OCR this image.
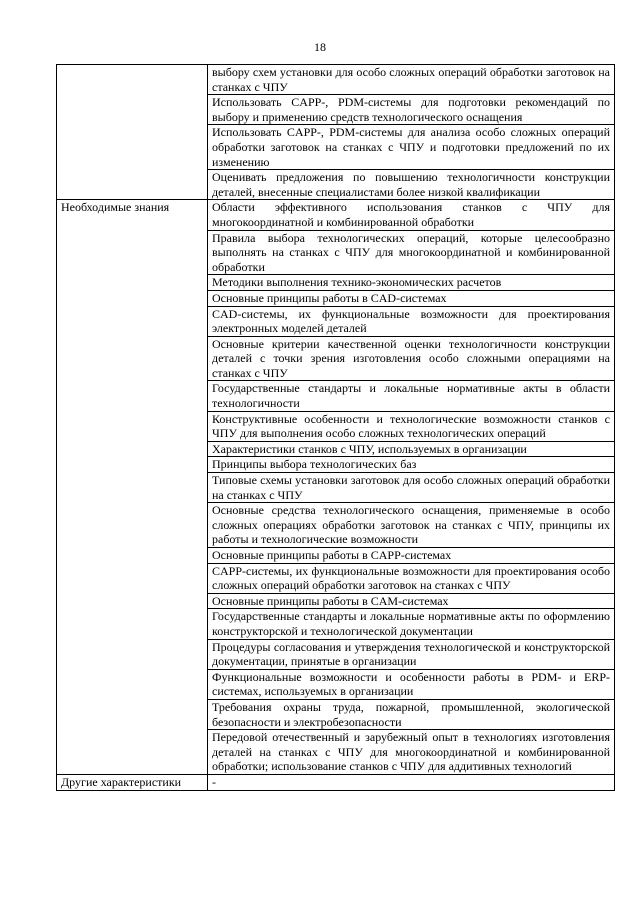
18
	выбору схем установки для особо сложных операций обработки заготовок на станках с ЧПУ
	Использовать CAPP-, PDM-системы для подготовки рекомендаций по выбору и применению средств технологического оснащения
	Использовать CAPP-, PDM-системы для анализа особо сложных операций обработки заготовок на станках с ЧПУ и подготовки предложений по их изменению
	Оценивать предложения по повышению технологичности конструкции деталей, внесенные специалистами более низкой квалификации
Необходимые знания	Области эффективного использования станков с ЧПУ для многокоординатной и комбинированной обработки
	Правила выбора технологических операций, которые целесообразно выполнять на станках с ЧПУ для многокоординатной и комбинированной обработки
	Методики выполнения технико-экономических расчетов
	Основные принципы работы в CAD-системах
	CAD-системы, их функциональные возможности для проектирования электронных моделей деталей
	Основные критерии качественной оценки технологичности конструкции деталей с точки зрения изготовления особо сложными операциями на станках с ЧПУ
	Государственные стандарты и локальные нормативные акты в области технологичности
	Конструктивные особенности и технологические возможности станков с ЧПУ для выполнения особо сложных технологических операций
	Характеристики станков с ЧПУ, используемых в организации
	Принципы выбора технологических баз
	Типовые схемы установки заготовок для особо сложных операций обработки на станках с ЧПУ
	Основные средства технологического оснащения, применяемые в особо сложных операциях обработки заготовок на станках с ЧПУ, принципы их работы и технологические возможности
	Основные принципы работы в CAPP-системах
	CAPP-системы, их функциональные возможности для проектирования особо сложных операций обработки заготовок на станках с ЧПУ
	Основные принципы работы в CAM-системах
	Государственные стандарты и локальные нормативные акты по оформлению конструкторской и технологической документации
	Процедуры согласования и утверждения технологической и конструкторской документации, принятые в организации
	Функциональные возможности и особенности работы в PDM- и ERP-системах, используемых в организации
	Требования охраны труда, пожарной, промышленной, экологической безопасности и электробезопасности
	Передовой отечественный и зарубежный опыт в технологиях изготовления деталей на станках с ЧПУ для многокоординатной и комбинированной обработки; использование станков с ЧПУ для аддитивных технологий
Другие характеристики	-
